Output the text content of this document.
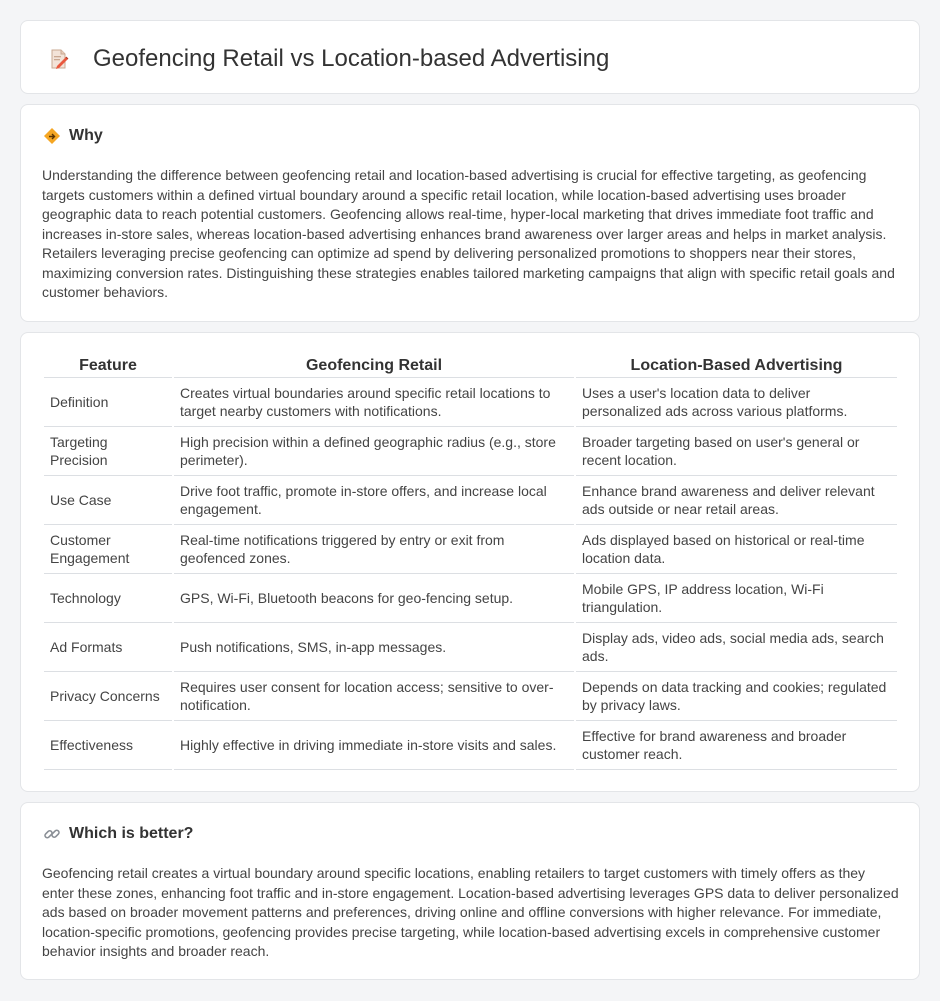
Geofencing Retail vs Location-based Advertising
Why

Understanding the difference between geofencing retail and location-based advertising is crucial for effective targeting, as geofencing targets customers within a defined virtual boundary around a specific retail location, while location-based advertising uses broader geographic data to reach potential customers. Geofencing allows real-time, hyper-local marketing that drives immediate foot traffic and increases in-store sales, whereas location-based advertising enhances brand awareness over larger areas and helps in market analysis. Retailers leveraging precise geofencing can optimize ad spend by delivering personalized promotions to shoppers near their stores, maximizing conversion rates. Distinguishing these strategies enables tailored marketing campaigns that align with specific retail goals and customer behaviors.

Feature	Geofencing Retail	Location-Based Advertising
Definition	Creates virtual boundaries around specific retail locations to target nearby customers with notifications.	Uses a user's location data to deliver personalized ads across various platforms.
Targeting Precision	High precision within a defined geographic radius (e.g., store perimeter).	Broader targeting based on user's general or recent location.
Use Case	Drive foot traffic, promote in-store offers, and increase local engagement.	Enhance brand awareness and deliver relevant ads outside or near retail areas.
Customer Engagement	Real-time notifications triggered by entry or exit from geofenced zones.	Ads displayed based on historical or real-time location data.
Technology	GPS, Wi-Fi, Bluetooth beacons for geo-fencing setup.	Mobile GPS, IP address location, Wi-Fi triangulation.
Ad Formats	Push notifications, SMS, in-app messages.	Display ads, video ads, social media ads, search ads.
Privacy Concerns	Requires user consent for location access; sensitive to over-notification.	Depends on data tracking and cookies; regulated by privacy laws.
Effectiveness	Highly effective in driving immediate in-store visits and sales.	Effective for brand awareness and broader customer reach.
Which is better?

Geofencing retail creates a virtual boundary around specific locations, enabling retailers to target customers with timely offers as they enter these zones, enhancing foot traffic and in-store engagement. Location-based advertising leverages GPS data to deliver personalized ads based on broader movement patterns and preferences, driving online and offline conversions with higher relevance. For immediate, location-specific promotions, geofencing provides precise targeting, while location-based advertising excels in comprehensive customer behavior insights and broader reach.
